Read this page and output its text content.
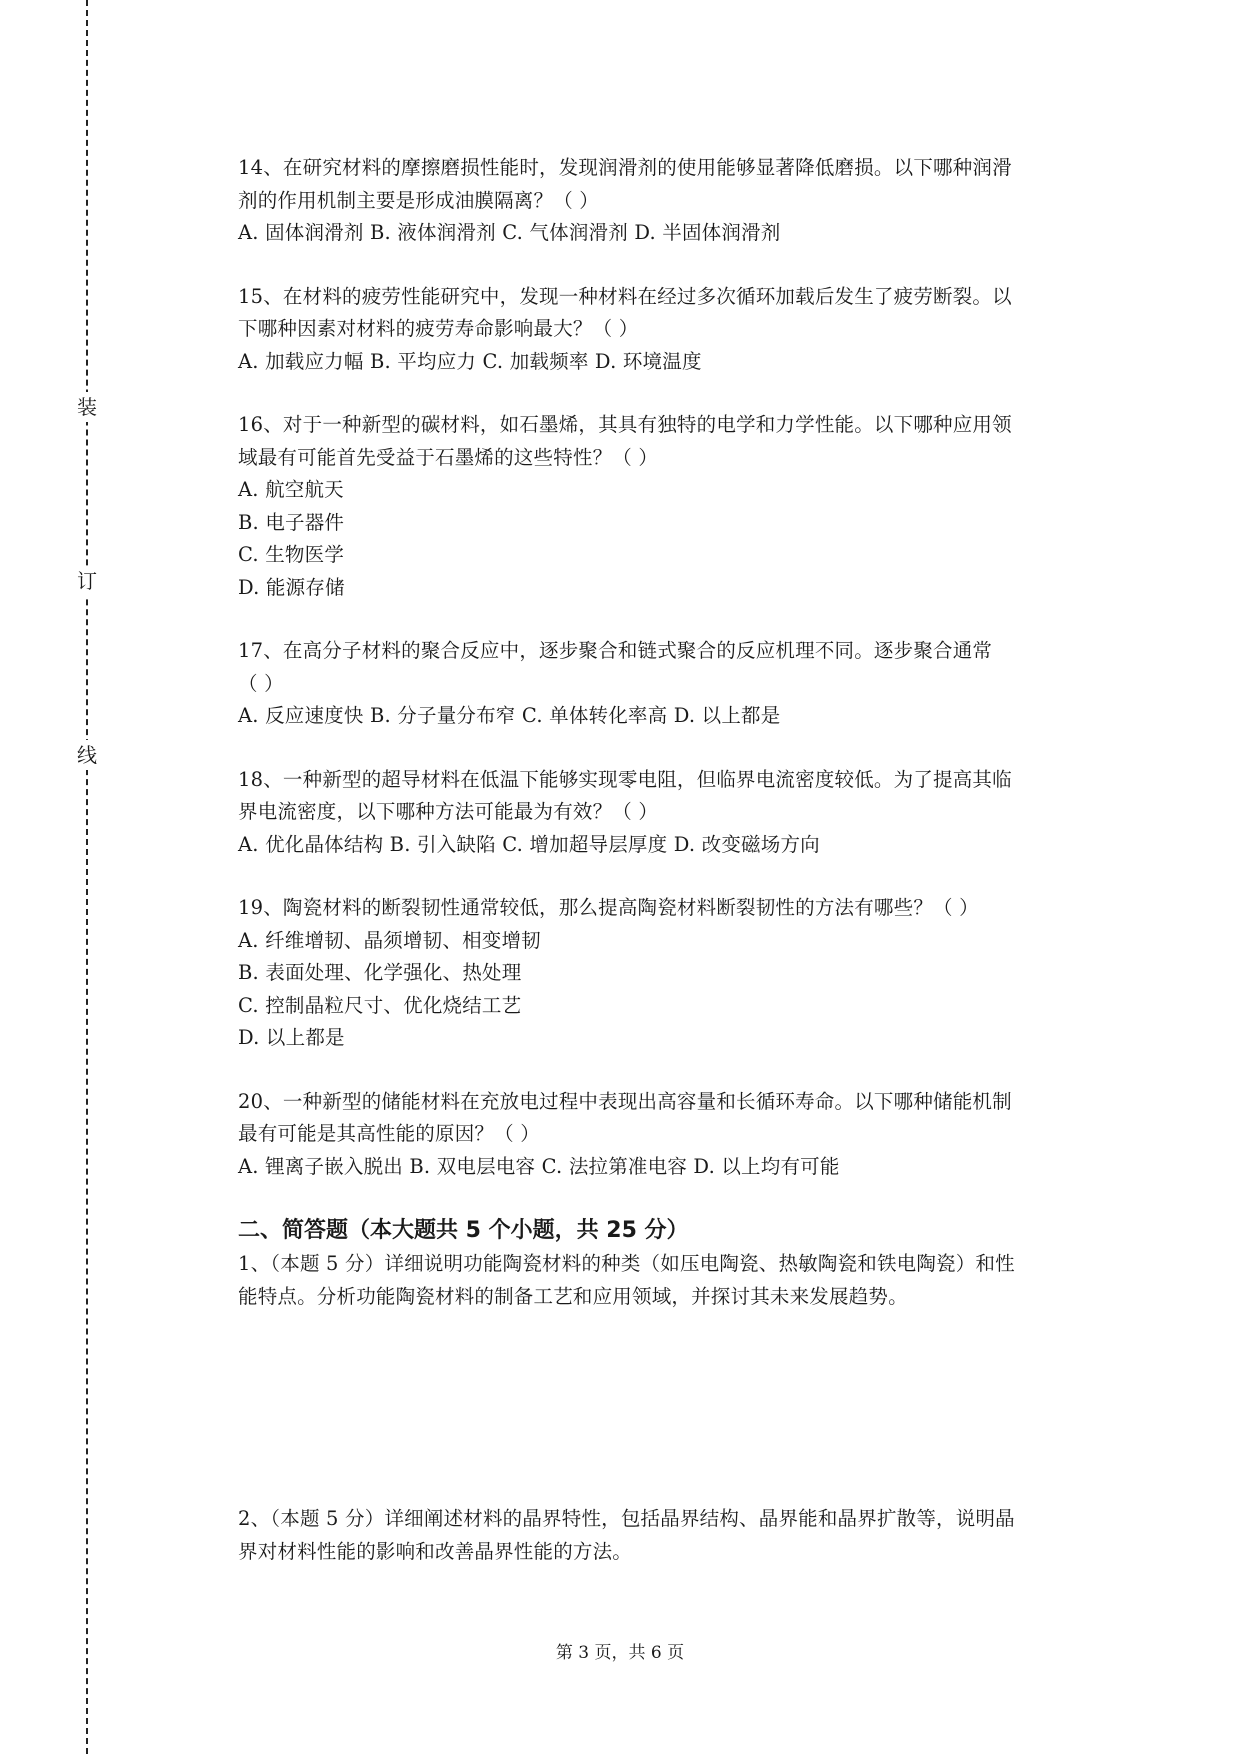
装
订
线
14、在研究材料的摩擦磨损性能时，发现润滑剂的使用能够显著降低磨损。以下哪种润滑
剂的作用机制主要是形成油膜隔离？（ ）
A. 固体润滑剂 B. 液体润滑剂 C. 气体润滑剂 D. 半固体润滑剂
15、在材料的疲劳性能研究中，发现一种材料在经过多次循环加载后发生了疲劳断裂。以
下哪种因素对材料的疲劳寿命影响最大？（ ）
A. 加载应力幅 B. 平均应力 C. 加载频率 D. 环境温度
16、对于一种新型的碳材料，如石墨烯，其具有独特的电学和力学性能。以下哪种应用领
域最有可能首先受益于石墨烯的这些特性？（ ）
A. 航空航天
B. 电子器件
C. 生物医学
D. 能源存储
17、在高分子材料的聚合反应中，逐步聚合和链式聚合的反应机理不同。逐步聚合通常
（ ）
A. 反应速度快 B. 分子量分布窄 C. 单体转化率高 D. 以上都是
18、一种新型的超导材料在低温下能够实现零电阻，但临界电流密度较低。为了提高其临
界电流密度，以下哪种方法可能最为有效？（ ）
A. 优化晶体结构 B. 引入缺陷 C. 增加超导层厚度 D. 改变磁场方向
19、陶瓷材料的断裂韧性通常较低，那么提高陶瓷材料断裂韧性的方法有哪些？（ ）
A. 纤维增韧、晶须增韧、相变增韧
B. 表面处理、化学强化、热处理
C. 控制晶粒尺寸、优化烧结工艺
D. 以上都是
20、一种新型的储能材料在充放电过程中表现出高容量和长循环寿命。以下哪种储能机制
最有可能是其高性能的原因？（ ）
A. 锂离子嵌入脱出 B. 双电层电容 C. 法拉第准电容 D. 以上均有可能
二、简答题（本大题共 5 个小题，共 25 分）
1、（本题 5 分）详细说明功能陶瓷材料的种类（如压电陶瓷、热敏陶瓷和铁电陶瓷）和性
能特点。分析功能陶瓷材料的制备工艺和应用领域，并探讨其未来发展趋势。
2、（本题 5 分）详细阐述材料的晶界特性，包括晶界结构、晶界能和晶界扩散等，说明晶
界对材料性能的影响和改善晶界性能的方法。
第 3 页，共 6 页
